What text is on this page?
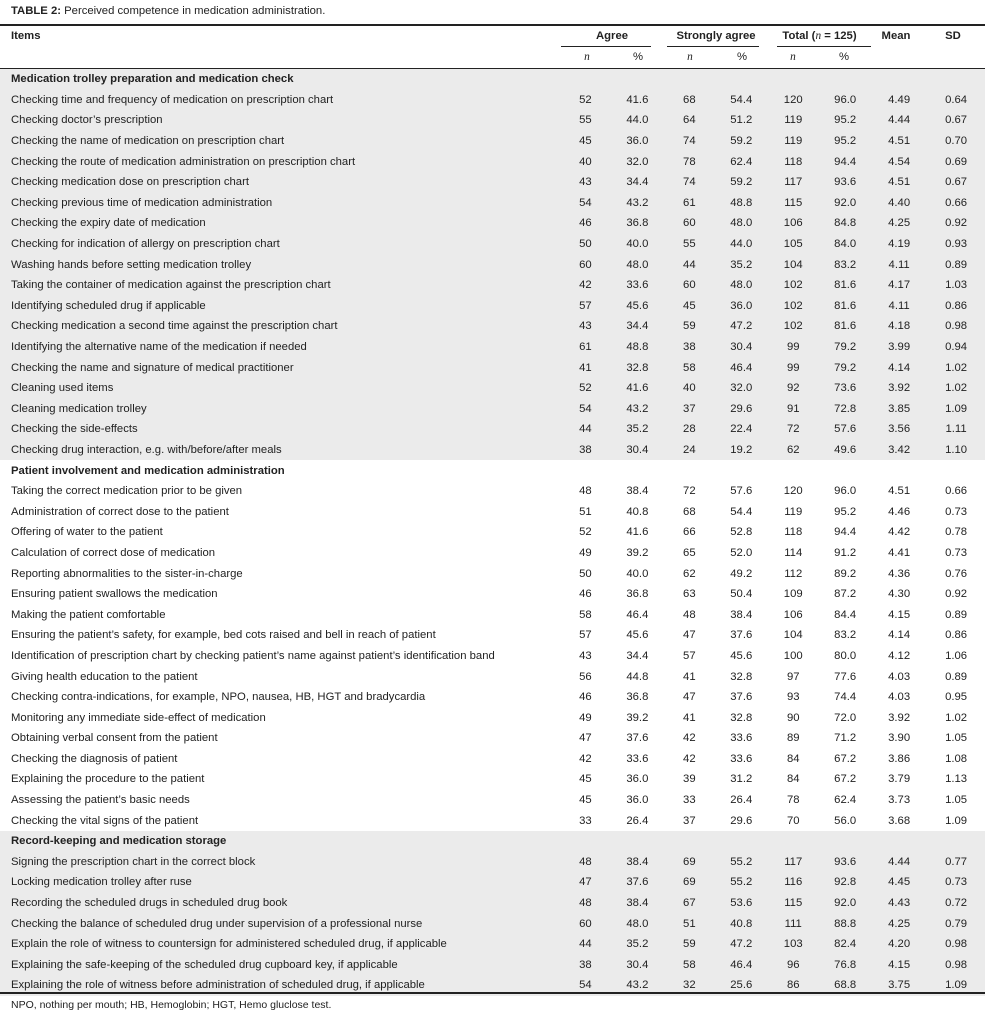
TABLE 2: Perceived competence in medication administration.
Items	Agree	Strongly agree	Total (n = 125)	Mean	SD
n	%	n	%	n	%
Medication trolley preparation and medication check
Checking time and frequency of medication on prescription chart	52	41.6	68	54.4	120	96.0	4.49	0.64
Checking doctor’s prescription	55	44.0	64	51.2	119	95.2	4.44	0.67
Checking the name of medication on prescription chart	45	36.0	74	59.2	119	95.2	4.51	0.70
Checking the route of medication administration on prescription chart	40	32.0	78	62.4	118	94.4	4.54	0.69
Checking medication dose on prescription chart	43	34.4	74	59.2	117	93.6	4.51	0.67
Checking previous time of medication administration	54	43.2	61	48.8	115	92.0	4.40	0.66
Checking the expiry date of medication	46	36.8	60	48.0	106	84.8	4.25	0.92
Checking for indication of allergy on prescription chart	50	40.0	55	44.0	105	84.0	4.19	0.93
Washing hands before setting medication trolley	60	48.0	44	35.2	104	83.2	4.11	0.89
Taking the container of medication against the prescription chart	42	33.6	60	48.0	102	81.6	4.17	1.03
Identifying scheduled drug if applicable	57	45.6	45	36.0	102	81.6	4.11	0.86
Checking medication a second time against the prescription chart	43	34.4	59	47.2	102	81.6	4.18	0.98
Identifying the alternative name of the medication if needed	61	48.8	38	30.4	99	79.2	3.99	0.94
Checking the name and signature of medical practitioner	41	32.8	58	46.4	99	79.2	4.14	1.02
Cleaning used items	52	41.6	40	32.0	92	73.6	3.92	1.02
Cleaning medication trolley	54	43.2	37	29.6	91	72.8	3.85	1.09
Checking the side-effects	44	35.2	28	22.4	72	57.6	3.56	1.11
Checking drug interaction, e.g. with/before/after meals	38	30.4	24	19.2	62	49.6	3.42	1.10
Patient involvement and medication administration
Taking the correct medication prior to be given	48	38.4	72	57.6	120	96.0	4.51	0.66
Administration of correct dose to the patient	51	40.8	68	54.4	119	95.2	4.46	0.73
Offering of water to the patient	52	41.6	66	52.8	118	94.4	4.42	0.78
Calculation of correct dose of medication	49	39.2	65	52.0	114	91.2	4.41	0.73
Reporting abnormalities to the sister-in-charge	50	40.0	62	49.2	112	89.2	4.36	0.76
Ensuring patient swallows the medication	46	36.8	63	50.4	109	87.2	4.30	0.92
Making the patient comfortable	58	46.4	48	38.4	106	84.4	4.15	0.89
Ensuring the patient’s safety, for example, bed cots raised and bell in reach of patient	57	45.6	47	37.6	104	83.2	4.14	0.86
Identification of prescription chart by checking patient’s name against patient’s identification band	43	34.4	57	45.6	100	80.0	4.12	1.06
Giving health education to the patient	56	44.8	41	32.8	97	77.6	4.03	0.89
Checking contra-indications, for example, NPO, nausea, HB, HGT and bradycardia	46	36.8	47	37.6	93	74.4	4.03	0.95
Monitoring any immediate side-effect of medication	49	39.2	41	32.8	90	72.0	3.92	1.02
Obtaining verbal consent from the patient	47	37.6	42	33.6	89	71.2	3.90	1.05
Checking the diagnosis of patient	42	33.6	42	33.6	84	67.2	3.86	1.08
Explaining the procedure to the patient	45	36.0	39	31.2	84	67.2	3.79	1.13
Assessing the patient’s basic needs	45	36.0	33	26.4	78	62.4	3.73	1.05
Checking the vital signs of the patient	33	26.4	37	29.6	70	56.0	3.68	1.09
Record-keeping and medication storage
Signing the prescription chart in the correct block	48	38.4	69	55.2	117	93.6	4.44	0.77
Locking medication trolley after ruse	47	37.6	69	55.2	116	92.8	4.45	0.73
Recording the scheduled drugs in scheduled drug book	48	38.4	67	53.6	115	92.0	4.43	0.72
Checking the balance of scheduled drug under supervision of a professional nurse	60	48.0	51	40.8	111	88.8	4.25	0.79
Explain the role of witness to countersign for administered scheduled drug, if applicable	44	35.2	59	47.2	103	82.4	4.20	0.98
Explaining the safe-keeping of the scheduled drug cupboard key, if applicable	38	30.4	58	46.4	96	76.8	4.15	0.98
Explaining the role of witness before administration of scheduled drug, if applicable	54	43.2	32	25.6	86	68.8	3.75	1.09
NPO, nothing per mouth; HB, Hemoglobin; HGT, Hemo gluclose test.
